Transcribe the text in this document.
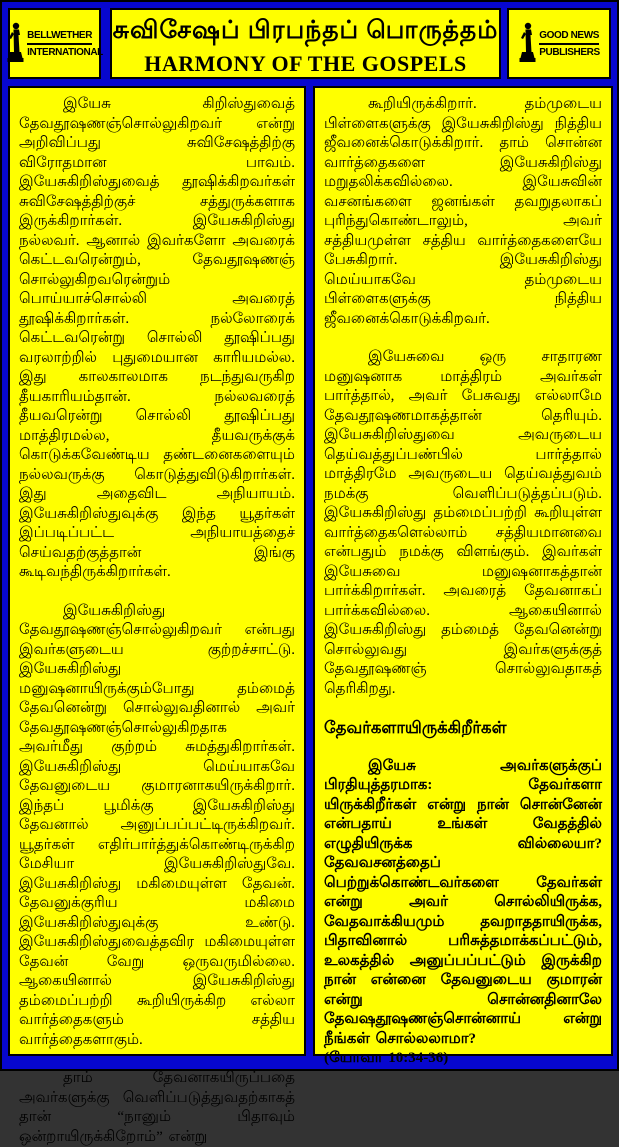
BELLWETHER
INTERNATIONAL
சுவிசேஷப் பிரபந்தப் பொருத்தம்
HARMONY OF THE GOSPELS
GOOD NEWS
PUBLISHERS

இயேசு கிறிஸ்துவைத் தேவதூஷணஞ்சொல்லுகிறவர் என்று அறிவிப்பது சுவிசேஷத்திற்கு விரோதமான பாவம். இயேசுகிறிஸ்துவைத் தூஷிக்கிறவர்கள் சுவிசேஷத்திற்குச் சத்துருக்களாக இருக்கிறார்கள். இயேசுகிறிஸ்து நல்லவர். ஆனால் இவர்களோ அவரைக் கெட்டவரென்றும், தேவதூஷணஞ் சொல்லுகிறவரென்றும் பொய்யாச்சொல்லி அவரைத் தூஷிக்கிறார்கள். நல்லோரைக் கெட்டவரென்று சொல்லி தூஷிப்பது வரலாற்றில் புதுமையான காரியமல்ல. இது காலகாலமாக நடந்துவருகிற தீயகாரியம்தான். நல்லவரைத் தீயவரென்று சொல்லி தூஷிப்பது மாத்திரமல்ல, தீயவருக்குக் கொடுக்கவேண்டிய தண்டனைகளையும் நல்லவருக்கு கொடுத்துவிடுகிறார்கள். இது அதைவிட அநியாயம். இயேசுகிறிஸ்துவுக்கு இந்த யூதர்கள் இப்படிப்பட்ட அநியாயத்தைச் செய்வதற்குத்தான் இங்கு கூடிவந்திருக்கிறார்கள்.

இயேசுகிறிஸ்து தேவதூஷணஞ்சொல்லுகிறவர் என்பது இவர்களுடைய குற்றச்சாட்டு. இயேசுகிறிஸ்து மனுஷனாயிருக்கும்போது தம்மைத் தேவனென்று சொல்லுவதினால் அவர் தேவதூஷணஞ்சொல்லுகிறதாக அவர்மீது குற்றம் சுமத்துகிறார்கள். இயேசுகிறிஸ்து மெய்யாகவே தேவனுடைய குமாரனாகயிருக்கிறார். இந்தப் பூமிக்கு இயேசுகிறிஸ்து தேவனால் அனுப்பப்பட்டிருக்கிறவர். யூதர்கள் எதிர்பார்த்துக்கொண்டிருக்கிற மேசியா இயேசுகிறிஸ்துவே. இயேசுகிறிஸ்து மகிமையுள்ள தேவன். தேவனுக்குரிய மகிமை இயேசுகிறிஸ்துவுக்கு உண்டு. இயேசுகிறிஸ்துவைத்தவிர மகிமையுள்ள தேவன் வேறு ஒருவருமில்லை. ஆகையினால் இயேசுகிறிஸ்து தம்மைப்பற்றி கூறியிருக்கிற எல்லா வார்த்தைகளும் சத்திய வார்த்தைகளாகும்.

தாம் தேவனாகயிருப்பதை அவர்களுக்கு வெளிப்படுத்துவதற்காகத் தான் “நானும் பிதாவும் ஒன்றாயிருக்கிறோம்” என்று

கூறியிருக்கிறார். தம்முடைய பிள்ளைகளுக்கு இயேசுகிறிஸ்து நித்திய ஜீவனைக்கொடுக்கிறார். தாம் சொன்ன வார்த்தைகளை இயேசுகிறிஸ்து மறுதலிக்கவில்லை. இயேசுவின் வசனங்களை ஜனங்கள் தவறுதலாகப் புரிந்துகொண்டாலும், அவர் சத்தியமுள்ள சத்திய வார்த்தைகளையே பேசுகிறார். இயேசுகிறிஸ்து மெய்யாகவே தம்முடைய பிள்ளைகளுக்கு நித்திய ஜீவனைக்கொடுக்கிறவர்.

இயேசுவை ஒரு சாதாரண மனுஷனாக மாத்திரம் அவர்கள் பார்த்தால், அவர் பேசுவது எல்லாமே தேவதூஷணமாகத்தான் தெரியும். இயேசுகிறிஸ்துவை அவருடைய தெய்வத்துப்பண்பில் பார்த்தால் மாத்திரமே அவருடைய தெய்வத்துவம் நமக்கு வெளிப்படுத்தப்படும். இயேசுகிறிஸ்து தம்மைப்பற்றி கூறியுள்ள வார்த்தைகளெல்லாம் சத்தியமானவை என்பதும் நமக்கு விளங்கும். இவர்கள் இயேசுவை மனுஷனாகத்தான் பார்க்கிறார்கள். அவரைத் தேவனாகப் பார்க்கவில்லை. ஆகையினால் இயேசுகிறிஸ்து தம்மைத் தேவனென்று சொல்லுவது இவர்களுக்குத் தேவதூஷணஞ் சொல்லுவதாகத் தெரிகிறது.

தேவர்களாயிருக்கிறீர்கள்

இயேசு அவர்களுக்குப் பிரதியுத்தரமாக: தேவர்களா யிருக்கிறீர்கள் என்று நான் சொன்னேன் என்பதாய் உங்கள் வேதத்தில் எழுதியிருக்க வில்லையா? தேவவசனத்தைப் பெற்றுக்கொண்டவர்களை தேவர்கள் என்று அவர் சொல்லியிருக்க, வேதவாக்கியமும் தவறாததாயிருக்க, பிதாவினால் பரிசுத்தமாக்கப்பட்டும், உலகத்தில் அனுப்பப்பட்டும் இருக்கிற நான் என்னை தேவனுடைய குமாரன் என்று சொன்னதினாலே தேவஷதூஷணஞ்சொன்னாய் என்று நீங்கள் சொல்லலாமா?

(யோவா 10:34-36)
